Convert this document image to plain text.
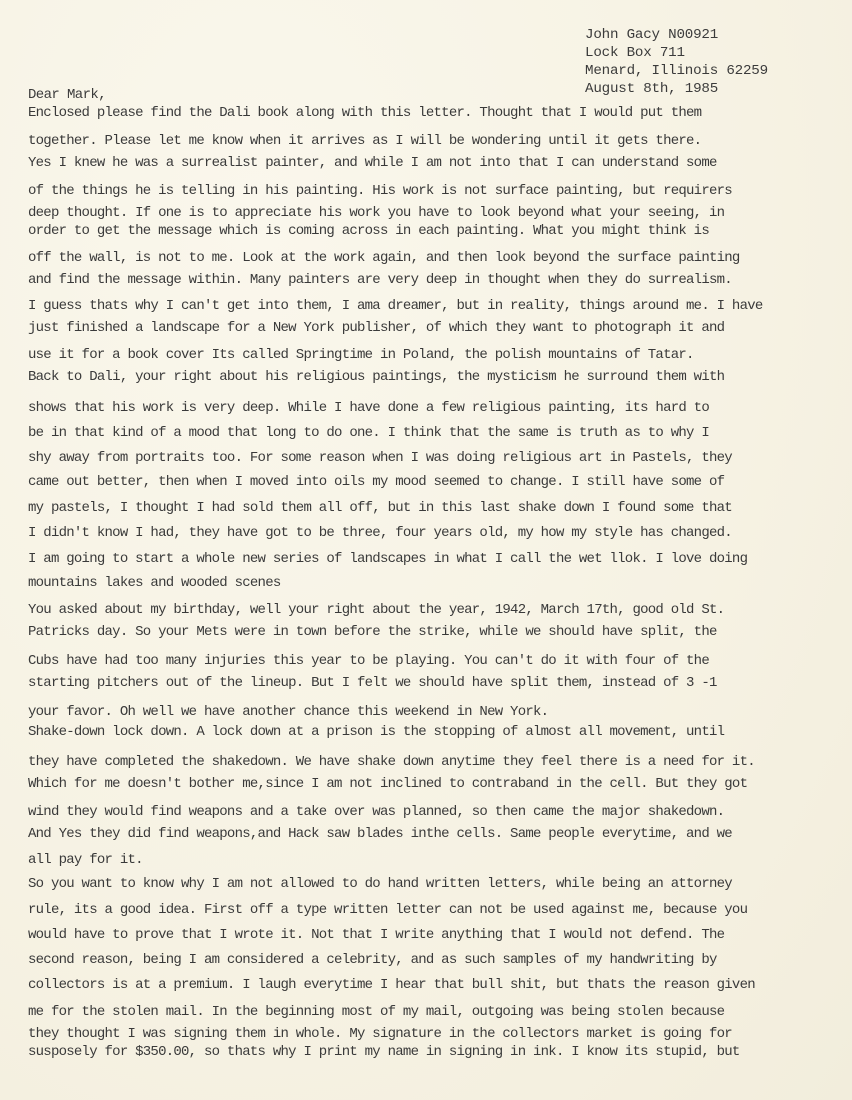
John Gacy N00921
Lock Box 711
Menard, Illinois 62259
August 8th, 1985
Dear Mark,
Enclosed please find the Dali book along with this letter. Thought that I would put them
together. Please let me know when it arrives as I will be wondering until it gets there.
Yes I knew he was a surrealist painter, and while I am not into that I can understand some
of the things he is telling in his painting. His work is not surface painting, but requirers
deep thought. If one is to appreciate his work you have to look beyond what your seeing, in
order to get the message which is coming across in each painting. What you might think is
off the wall, is not to me. Look at the work again, and then look beyond the surface painting
and find the message within. Many painters are very deep in thought when they do surrealism.
I guess thats why I can't get into them, I ama dreamer, but in reality, things around me. I have
just finished a landscape for a New York publisher, of which they want to photograph it and
use it for a book cover Its called Springtime in Poland, the polish mountains of Tatar.
Back to Dali, your right about his religious paintings, the mysticism he surround them with
shows that his work is very deep. While I have done a few religious painting, its hard to
be in that kind of a mood that long to do one. I think that the same is truth as to why I
shy away from portraits too. For some reason when I was doing religious art in Pastels, they
came out better, then when I moved into oils my mood seemed to change. I still have some of
my pastels, I thought I had sold them all off, but in this last shake down I found some that
I didn't know I had, they have got to be three, four years old, my how my style has changed.
I am going to start a whole new series of landscapes in what I call the wet llok. I love doing
mountains lakes and wooded scenes
You asked about my birthday, well your right about the year, 1942, March 17th, good old St.
Patricks day. So your Mets were in town before the strike, while we should have split, the
Cubs have had too many injuries this year to be playing. You can't do it with four of the
starting pitchers out of the lineup. But I felt we should have split them, instead of 3 -1
your favor. Oh well we have another chance this weekend in New York.
Shake-down lock down. A lock down at a prison is the stopping of almost all movement, until
they have completed the shakedown. We have shake down anytime they feel there is a need for it.
Which for me doesn't bother me,since I am not inclined to contraband in the cell. But they got
wind they would find weapons and a take over was planned, so then came the major shakedown.
And Yes they did find weapons,and Hack saw blades inthe cells. Same people everytime, and we
all pay for it.
So you want to know why I am not allowed to do hand written letters, while being an attorney
rule, its a good idea. First off a type written letter can not be used against me, because you
would have to prove that I wrote it. Not that I write anything that I would not defend. The
second reason, being I am considered a celebrity, and as such samples of my handwriting by
collectors is at a premium. I laugh everytime I hear that bull shit, but thats the reason given
me for the stolen mail. In the beginning most of my mail, outgoing was being stolen because
they thought I was signing them in whole. My signature in the collectors market is going for
susposely for $350.00, so thats why I print my name in signing in ink. I know its stupid, but
